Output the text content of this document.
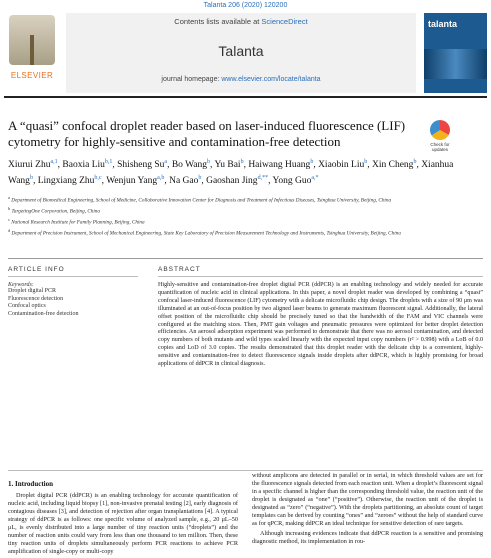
Talanta 206 (2020) 120200
ELSEVIER
Contents lists available at ScienceDirect
Talanta
journal homepage: www.elsevier.com/locate/talanta
talanta
A “quasi” confocal droplet reader based on laser-induced fluorescence (LIF) cytometry for highly-sensitive and contamination-free detection	Check for
updates
Xiurui Zhu$^{a,1}$, Baoxia Liu$^{b,1}$, Shisheng Su$^a$, Bo Wang$^b$, Yu Bai$^b$, Haiwang Huang$^b$, Xiaobin Liu$^b$, Xin Cheng$^b$, Xianhua Wang$^b$, Lingxiang Zhu$^{b,c}$, Wenjun Yang$^{a,b}$, Na Gao$^b$, Gaoshan Jing$^{d,**}$, Yong Guo$^{a,*}$
$^a$ Department of Biomedical Engineering, School of Medicine, Collaborative Innovation Center for Diagnosis and Treatment of Infectious Diseases, Tsinghua University, Beijing, China
$^b$ TargetingOne Corporation, Beijing, China
$^c$ National Research Institute for Family Planning, Beijing, China
$^d$ Department of Precision Instrument, School of Mechanical Engineering, State Key Laboratory of Precision Measurement Technology and Instruments, Tsinghua University, Beijing, China
ARTICLE INFO
Keywords:
Droplet digital PCR
Fluorescence detection
Confocal optics
Contamination-free detection
ABSTRACT
Highly-sensitive and contamination-free droplet digital PCR (ddPCR) is an enabling technology and widely needed for accurate quantification of nucleic acid in clinical applications. In this paper, a novel droplet reader was developed by combining a “quasi” confocal laser-induced fluorescence (LIF) cytometry with a delicate microfluidic chip design. The droplets with a size of 90 μm was illuminated at an out-of-focus position by two aligned laser beams to generate maximum fluorescent signal. Additionally, the lateral offset position of the microfluidic chip should be precisely tuned so that the bandwidth of the FAM and VIC channels were configured at the matching sizes. Then, PMT gain voltages and pneumatic pressures were optimized for better droplet detection efficiencies. An aerosol adsorption experiment was performed to demonstrate that there was no aerosol contamination, and detected copy numbers of both mutants and wild types scaled linearly with the expected input copy numbers (r² > 0.998) with a LoB of 0.0 copies and LoD of 3.0 copies. The results demonstrated that this droplet reader with the delicate chip is a convenient, highly-sensitive and contamination-free to detect fluorescence signals inside droplets after ddPCR, which is highly promising for broad applications of ddPCR in clinical diagnosis.
1. Introduction

Droplet digital PCR (ddPCR) is an enabling technology for accurate quantification of nucleic acid, including liquid biopsy [1], non-invasive prenatal testing [2], early diagnosis of contagious diseases [3], and detection of rejection after organ transplantations [4]. A typical strategy of ddPCR is as follows: one specific volume of analyzed sample, e.g., 20 μL–50 μL, is evenly distributed into a large number of tiny reaction units (“droplets”) and the number of reaction units could vary from less than one thousand to ten million. Then, these tiny reaction units of droplets simultaneously perform PCR reactions to achieve PCR amplification of single-copy or multi-copy

without amplicons are detected in parallel or in serial, in which threshold values are set for the fluorescence signals detected from each reaction unit. When a droplet’s fluorescent signal in a specific channel is higher than the corresponding threshold value, the reaction unit of the droplet is designated as “one” (“positive”). Otherwise, the reaction unit of the droplet is designated as “zero” (“negative”). With the droplets partitioning, an absolute count of target templates can be derived by counting “ones” and “zeroes” without the help of standard curve as for qPCR, making ddPCR an ideal technique for sensitive detection of rare targets.

Although increasing evidences indicate that ddPCR reaction is a sensitive and promising diagnostic method, its implementation in rou-
